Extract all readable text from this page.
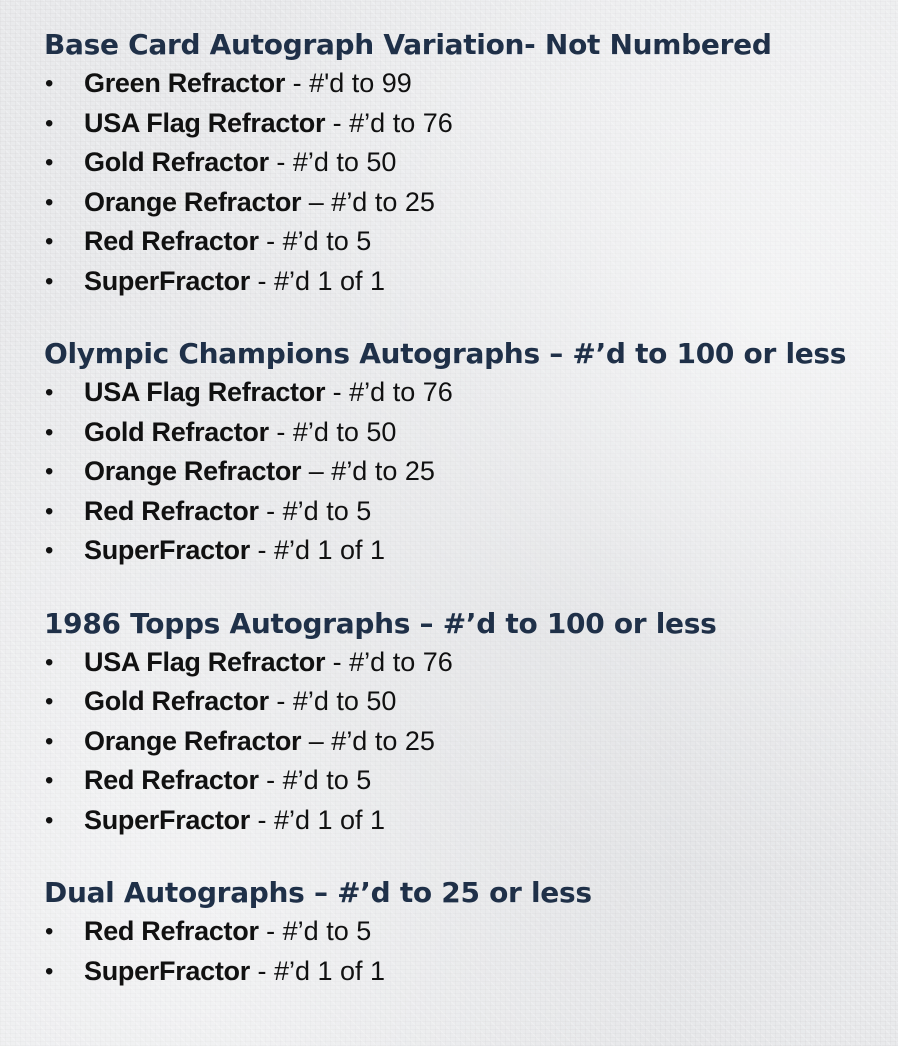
Base Card Autograph Variation- Not Numbered
• Green Refractor - #'d to 99
• USA Flag Refractor - #’d to 76
• Gold Refractor - #’d to 50
• Orange Refractor – #’d to 25
• Red Refractor - #’d to 5
• SuperFractor - #’d 1 of 1
Olympic Champions Autographs – #’d to 100 or less
• USA Flag Refractor - #’d to 76
• Gold Refractor - #’d to 50
• Orange Refractor – #’d to 25
• Red Refractor - #’d to 5
• SuperFractor - #’d 1 of 1
1986 Topps Autographs – #’d to 100 or less
• USA Flag Refractor - #’d to 76
• Gold Refractor - #’d to 50
• Orange Refractor – #’d to 25
• Red Refractor - #’d to 5
• SuperFractor - #’d 1 of 1
Dual Autographs – #’d to 25 or less
• Red Refractor - #’d to 5
• SuperFractor - #’d 1 of 1
